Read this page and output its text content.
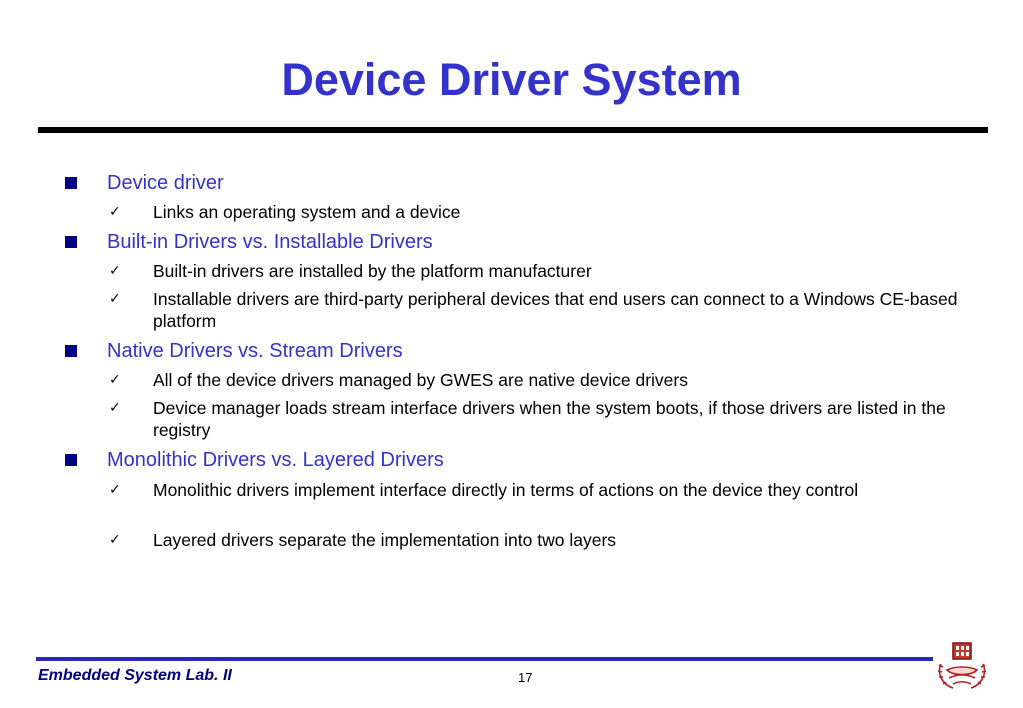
Device Driver System
Device driver
✓ Links an operating system and a device
Built-in Drivers vs. Installable Drivers
✓ Built-in drivers are installed by the platform manufacturer
✓ Installable drivers are third-party peripheral devices that end users can connect to a Windows CE-based platform
Native Drivers vs. Stream Drivers
✓ All of the device drivers managed by GWES are native device drivers
✓ Device manager loads stream interface drivers when the system boots, if those drivers are listed in the registry
Monolithic Drivers vs. Layered Drivers
✓ Monolithic drivers implement interface directly in terms of actions on the device they control
✓ Layered drivers separate the implementation into two layers
Embedded System Lab. II	17
